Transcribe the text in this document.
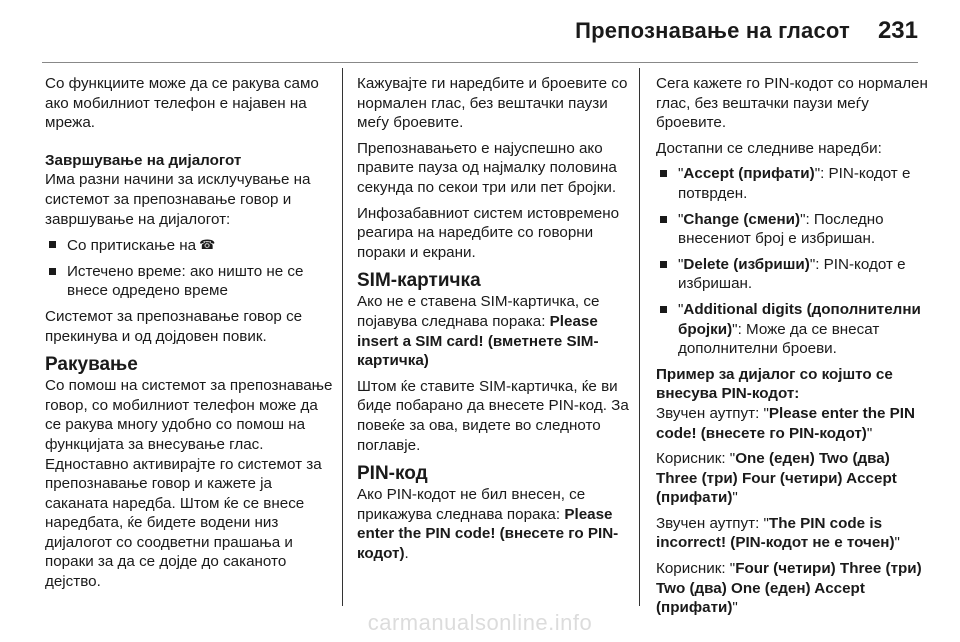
Препознавање на гласот 231

Со функциите може да се ракува само ако мобилниот телефон е најавен на мрежа.

Завршување на дијалогот

Има разни начини за исклучување на системот за препознавање говор и завршување на дијалогот:

Со притискање на ☎
Истечено време: ако ништо не се внесе одредено време

Системот за препознавање говор се прекинува и од дојдовен повик.

Ракување

Со помош на системот за препознавање говор, со мобилниот телефон може да се ракува многу удобно со помош на функцијата за внесување глас. Едноставно активирајте го системот за препознавање говор и кажете ја саканата наредба. Штом ќе се внесе наредбата, ќе бидете водени низ дијалогот со соодветни прашања и пораки за да се дојде до саканото дејство.

Кажувајте ги наредбите и броевите со нормален глас, без вештачки паузи меѓу броевите.

Препознавањето е најуспешно ако правите пауза од најмалку половина секунда по секои три или пет бројки.

Инфозабавниот систем истовремено реагира на наредбите со говорни пораки и екрани.

SIM-картичка

Ако не е ставена SIM-картичка, се појавува следнава порака: Please insert a SIM card! (вметнете SIM-картичка)

Штом ќе ставите SIM-картичка, ќе ви биде побарано да внесете PIN-код. За повеќе за ова, видете во следното поглавје.

PIN-код

Ако PIN-кодот не бил внесен, се прикажува следнава порака: Please enter the PIN code! (внесете го PIN-кодот).

Сега кажете го PIN-кодот со нормален глас, без вештачки паузи меѓу броевите.

Достапни се следниве наредби:

"Accept (прифати)": PIN-кодот е потврден.
"Change (смени)": Последно внесениот број е избришан.
"Delete (избриши)": PIN-кодот е избришан.
"Additional digits (дополнителни бројки)": Може да се внесат дополнителни броеви.

Пример за дијалог со којшто се внесува PIN-кодот:

Звучен аутпут: "Please enter the PIN code! (внесете го PIN-кодот)"

Корисник: "One (еден) Two (два) Three (три) Four (четири) Accept (прифати)"

Звучен аутпут: "The PIN code is incorrect! (PIN-кодот не е точен)"

Корисник: "Four (четири) Three (три) Two (два) One (еден) Accept (прифати)"

carmanualsonline.info
